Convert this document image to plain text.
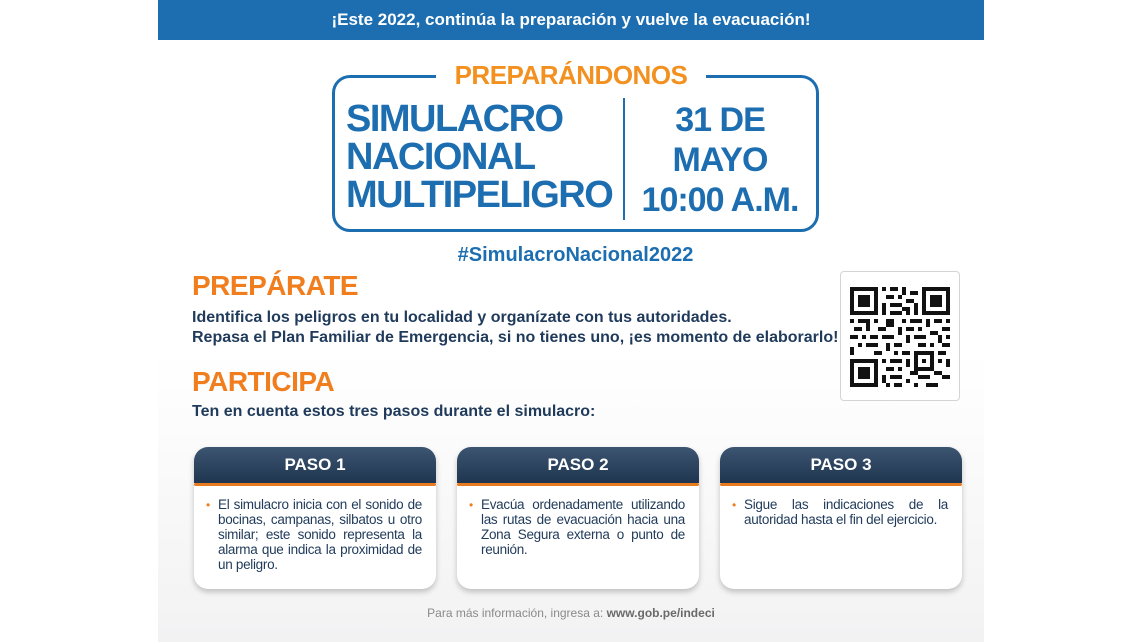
¡Este 2022, continúa la preparación y vuelve la evacuación!
PREPARÁNDONOS
SIMULACRO
NACIONAL
MULTIPELIGRO
31 DE
MAYO
10:00 A.M.
#SimulacroNacional2022
PREPÁRATE
Identifica los peligros en tu localidad y organízate con tus autoridades.
Repasa el Plan Familiar de Emergencia, si no tienes uno, ¡es momento de elaborarlo!
PARTICIPA
Ten en cuenta estos tres pasos durante el simulacro:
PASO 1
• El simulacro inicia con el sonido de bocinas, campanas, silbatos u otro similar; este sonido representa la alarma que indica la proximidad de un peligro.
PASO 2
• Evacúa ordenadamente utilizando las rutas de evacuación hacia una Zona Segura externa o punto de reunión.
PASO 3
• Sigue las indicaciones de la autoridad hasta el fin del ejercicio.
Para más información, ingresa a: www.gob.pe/indeci
